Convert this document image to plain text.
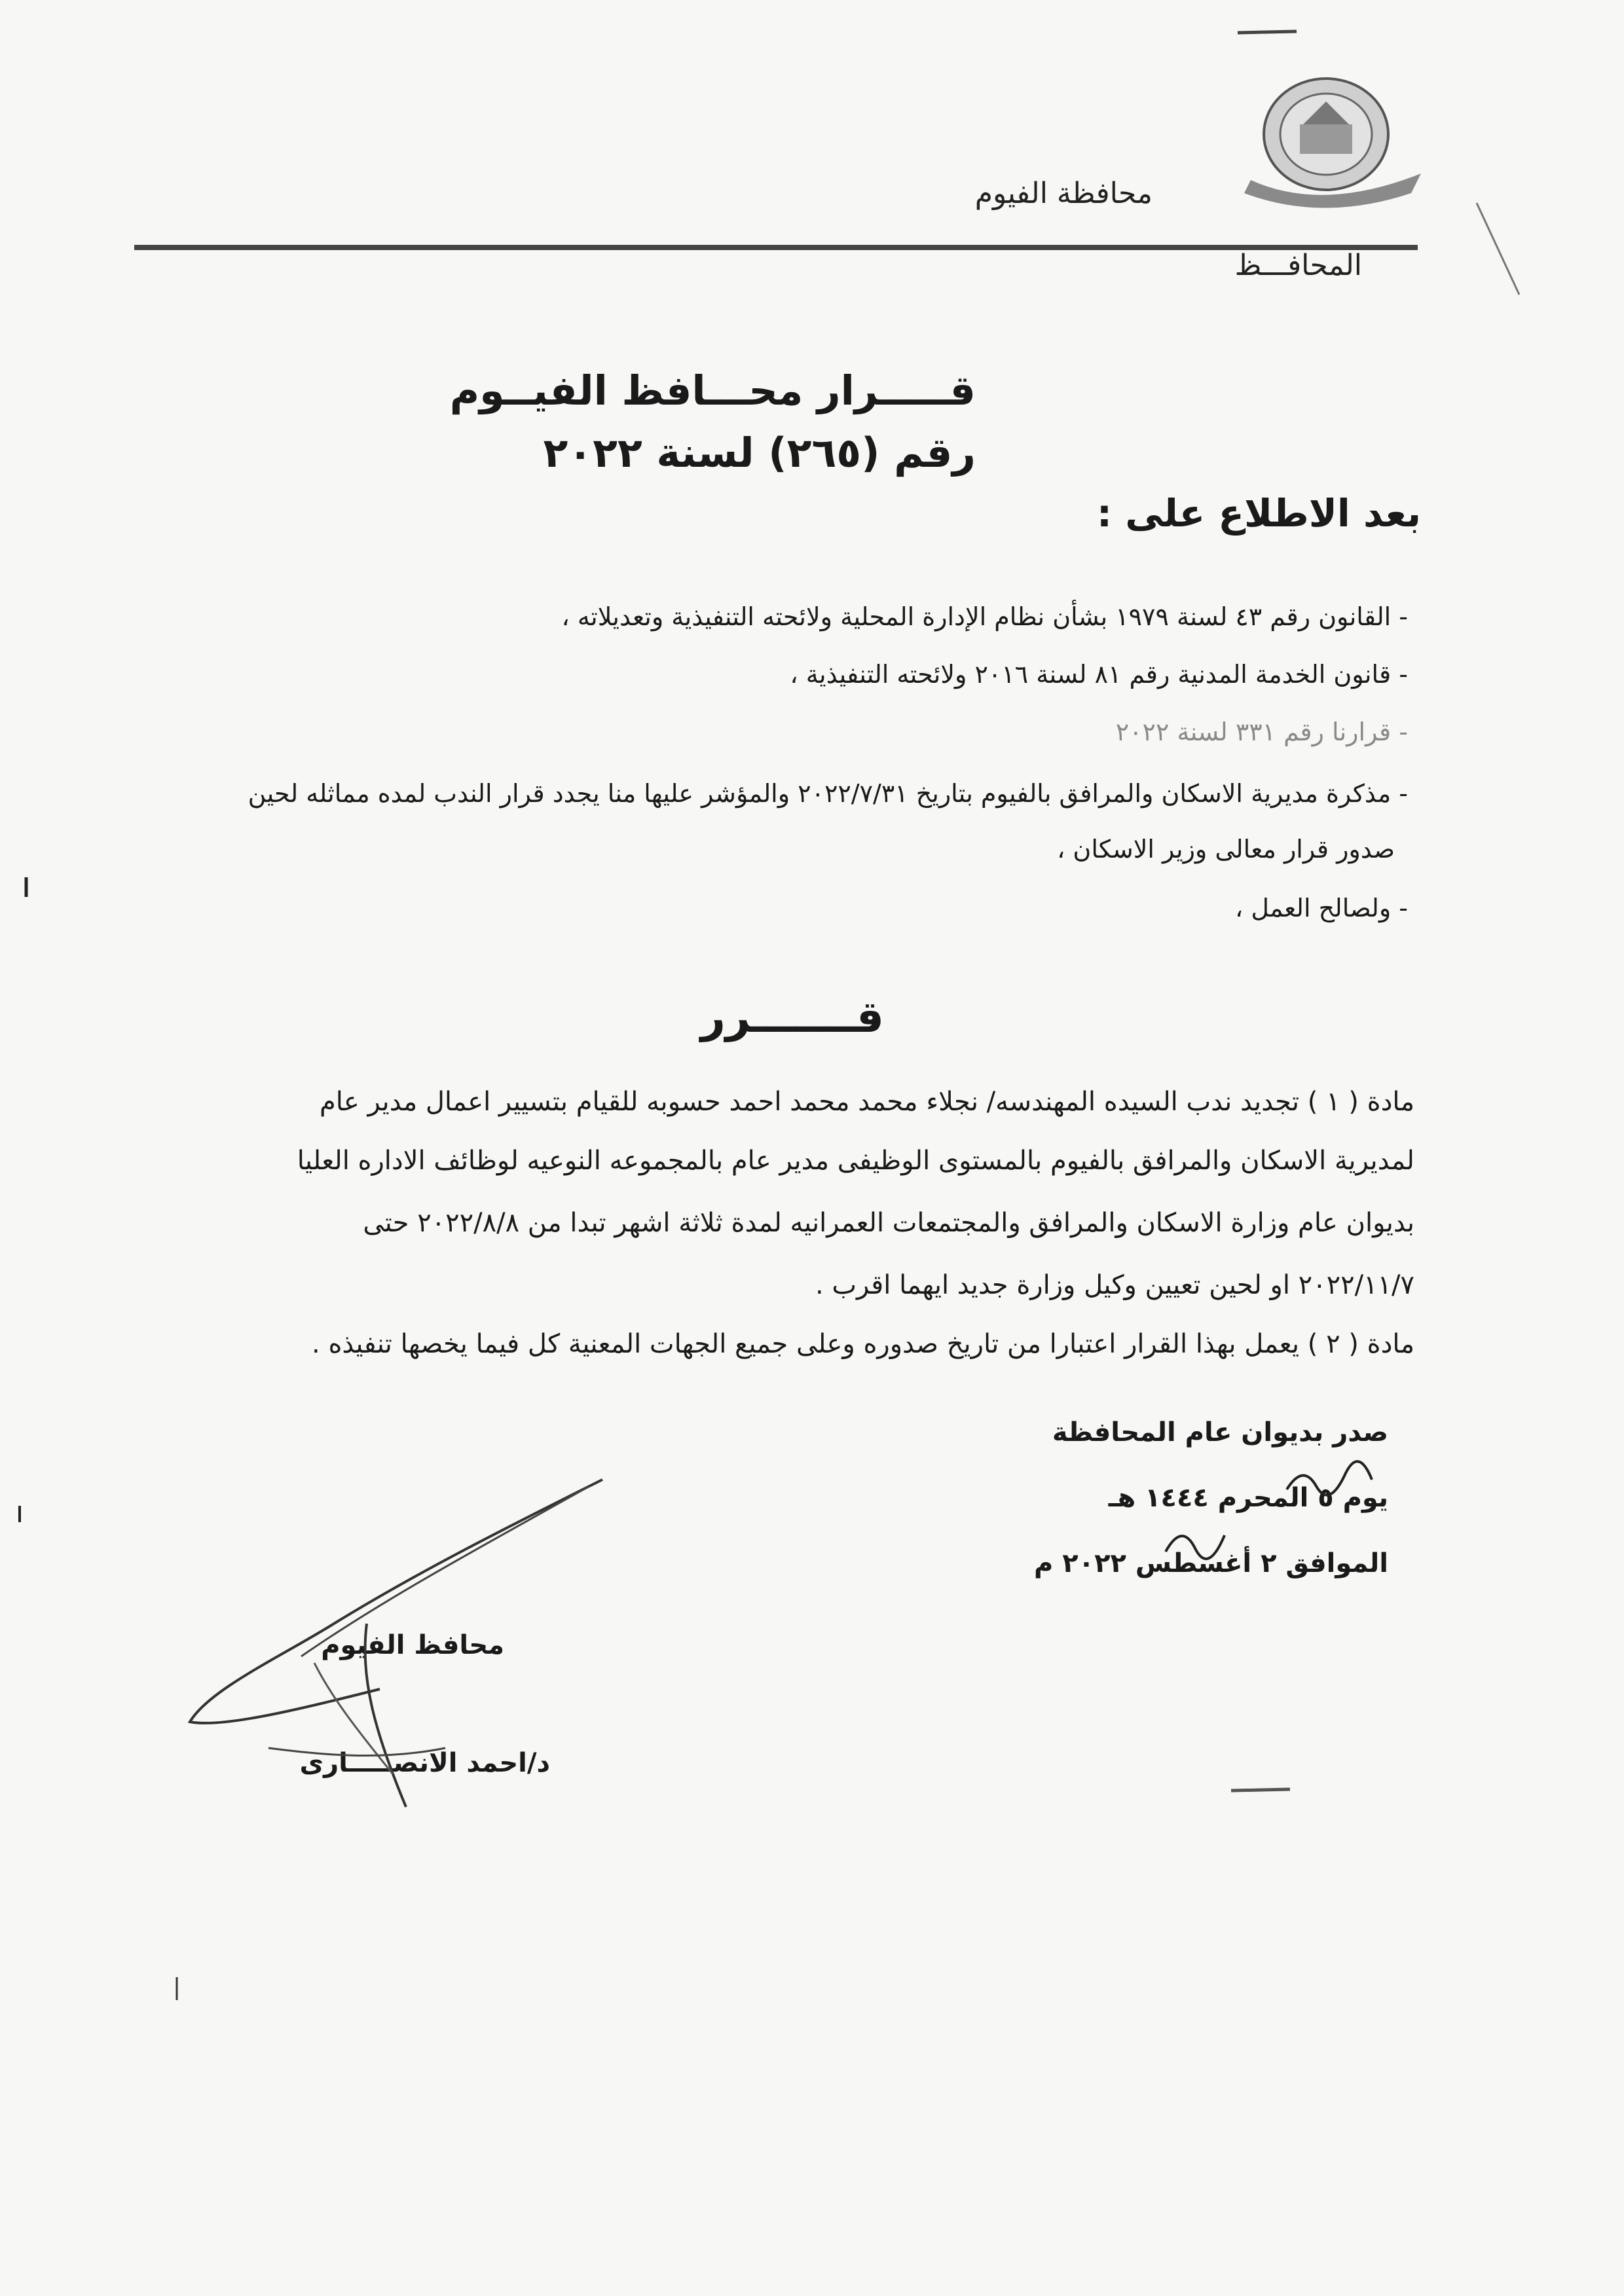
محافظة الفيوم
المحافـــظ
قـــــرار محـــافظ الفيــوم
رقم (٢٦٥) لسنة ٢٠٢٢
بعد الاطلاع على :
- القانون رقم ٤٣ لسنة ١٩٧٩ بشأن نظام الإدارة المحلية ولائحته التنفيذية وتعديلاته ،
- قانون الخدمة المدنية رقم ٨١ لسنة ٢٠١٦ ولائحته التنفيذية ،
- قرارنا رقم ٣٣١ لسنة ٢٠٢٢
- مذكرة مديرية الاسكان والمرافق بالفيوم بتاريخ ٢٠٢٢/٧/٣١ والمؤشر عليها منا يجدد قرار الندب لمده مماثله لحين
صدور قرار معالى وزير الاسكان ،
- ولصالح العمل ،
قـــــــرر
مادة ( ١ ) تجديد ندب السيده المهندسه/ نجلاء محمد محمد احمد حسوبه للقيام بتسيير اعمال مدير عام
لمديرية الاسكان والمرافق بالفيوم بالمستوى الوظيفى مدير عام بالمجموعه النوعيه لوظائف الاداره العليا
بديوان عام وزارة الاسكان والمرافق والمجتمعات العمرانيه لمدة ثلاثة اشهر تبدا من ٢٠٢٢/٨/٨ حتى
٢٠٢٢/١١/٧ او لحين تعيين وكيل وزارة جديد ايهما اقرب .
مادة ( ٢ ) يعمل بهذا القرار اعتبارا من تاريخ صدوره وعلى جميع الجهات المعنية كل فيما يخصها تنفيذه .
صدر بديوان عام المحافظة
يوم ٥ المحرم ١٤٤٤ هـ
الموافق ٢ أغسطس ٢٠٢٢ م
محافظ الفيوم
د/احمد الانصـــــارى
